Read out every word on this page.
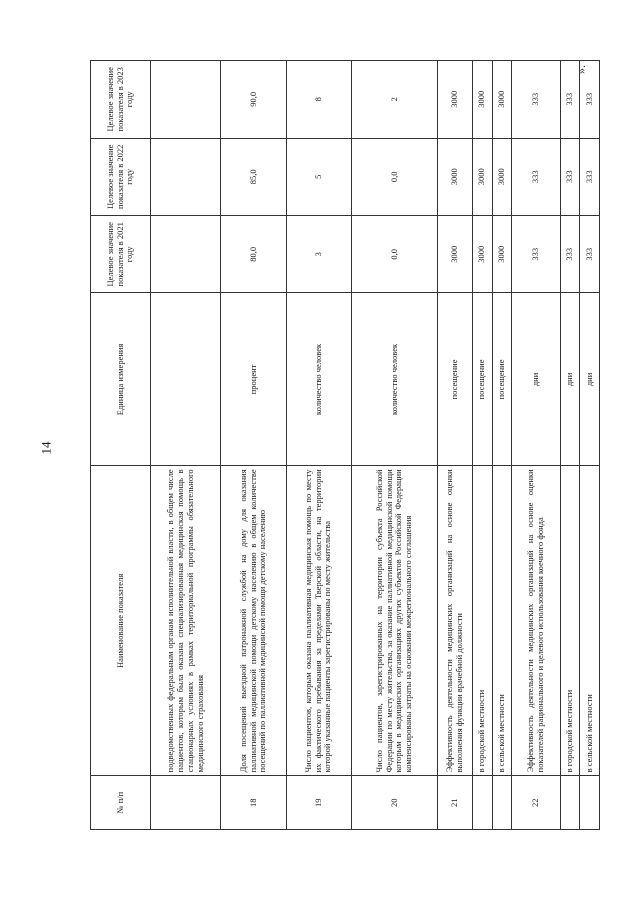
14
№ п/п	Наименование показателя	Единица измерения	Целевое значение показателя в 2021 году	Целевое значение показателя в 2022 году	Целевое значение показателя в 2023 году
	подведомственных федеральным органам исполнительной власти, в общем числе пациентов, которым была оказана специализированная медицинская помощь в стационарных условиях в рамках территориальной программы обязательного медицинского страхования				
18	Доля посещений выездной патронажной службой на дому для оказания паллиативной медицинской помощи детскому населению в общем количестве посещений по паллиативной медицинской помощи детскому населению	процент	80,0	85,0	90,0
19	Число пациентов, которым оказана паллиативная медицинская помощь по месту их фактического пребывания за пределами Тверской области, на территории которой указанные пациенты зарегистрированы по месту жительства	количество человек	3	5	8
20	Число пациентов, зарегистрированных на территории субъекта Российской Федерации по месту жительства, за оказание паллиативной медицинской помощи которым в медицинских организациях других субъектов Российской Федерации компенсированы затраты на основании межрегионального соглашения	количество человек	0,0	0,0	2
21	Эффективность деятельности медицинских организаций на основе оценки выполнения функции врачебной должности	посещение	3000	3000	3000
	в городской местности	посещение	3000	3000	3000
	в сельской местности	посещение	3000	3000	3000
22	Эффективность деятельности медицинских организаций на основе оценки показателей рационального и целевого использования коечного фонда	дни	333	333	333
	в городской местности	дни	333	333	333
	в сельской местности	дни	333	333	333
».
